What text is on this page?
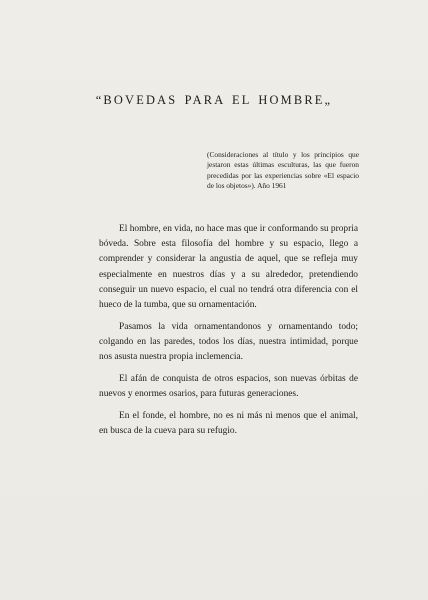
“BOVEDAS PARA EL HOMBRE„

(Consideraciones al título y los principios que jestaron estas últimas esculturas, las que fueron precedidas por las experiencias sobre «El espacio de los objetos»). Año 1961

El hombre, en vida, no hace mas que ir conformando su propria bóveda. Sobre esta filosofía del hombre y su espacio, llego a comprender y considerar la angustia de aquel, que se refleja muy especialmente en nuestros días y a su alrededor, pretendiendo conseguir un nuevo espacio, el cual no tendrá otra diferencia con el hueco de la tumba, que su ornamentación.

Pasamos la vida ornamentandonos y ornamentando todo; colgando en las paredes, todos los días, nuestra intimidad, porque nos asusta nuestra propia inclemencia.

El afán de conquista de otros espacios, son nuevas órbitas de nuevos y enormes osarios, para futuras generaciones.

En el fonde, el hombre, no es ni más ni menos que el animal, en busca de la cueva para su refugio.
